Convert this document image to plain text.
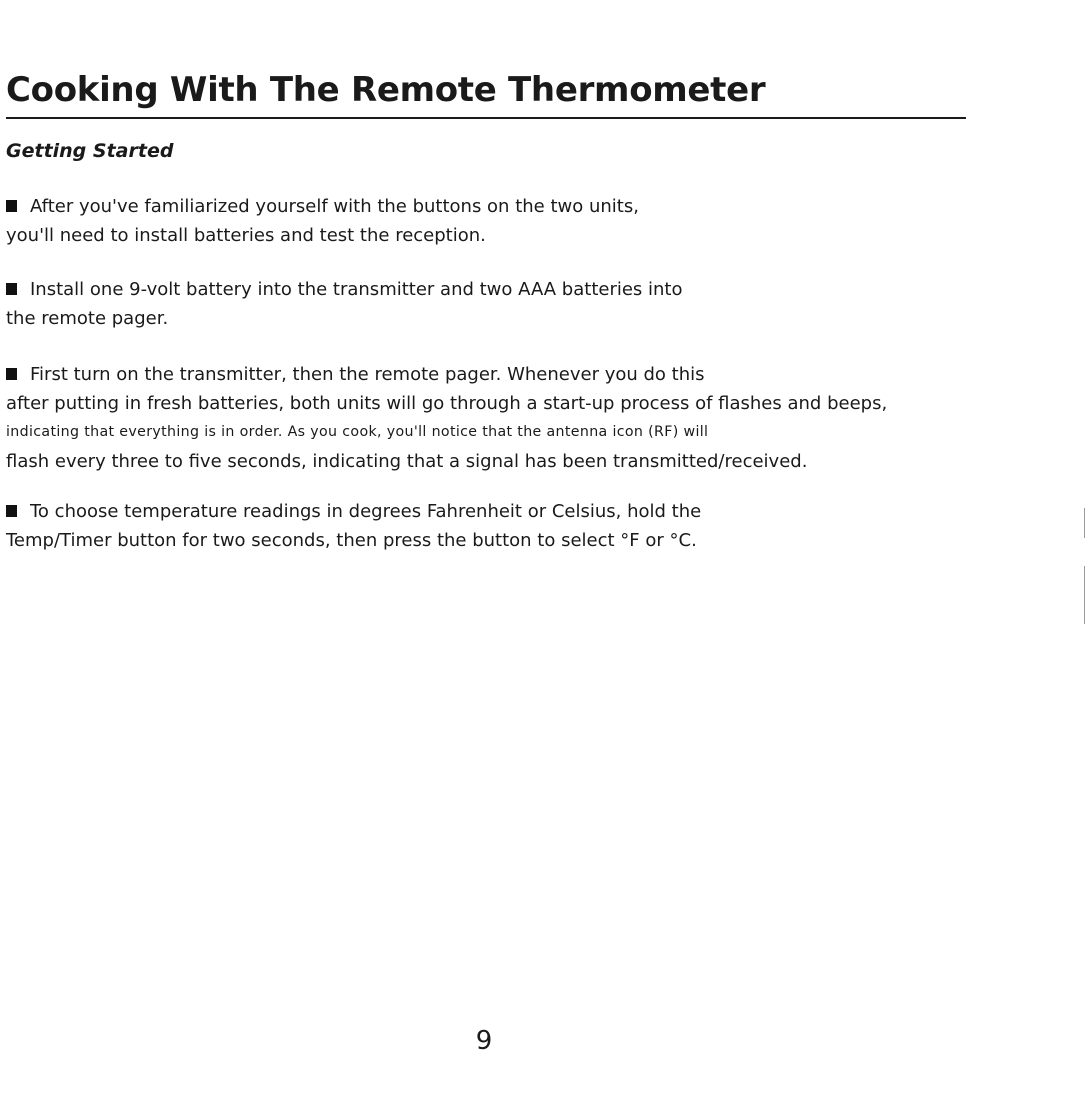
Cooking With The Remote Thermometer
Getting Started

After you've familiarized yourself with the buttons on the two units,
you'll need to install batteries and test the reception.

Install one 9-volt battery into the transmitter and two AAA batteries into
the remote pager.

First turn on the transmitter, then the remote pager. Whenever you do this
after putting in fresh batteries, both units will go through a start-up process of flashes and beeps,
indicating that everything is in order. As you cook, you'll notice that the antenna icon (RF) will
flash every three to five seconds, indicating that a signal has been transmitted/received.

To choose temperature readings in degrees Fahrenheit or Celsius, hold the
Temp/Timer button for two seconds, then press the button to select °F or °C.

9
